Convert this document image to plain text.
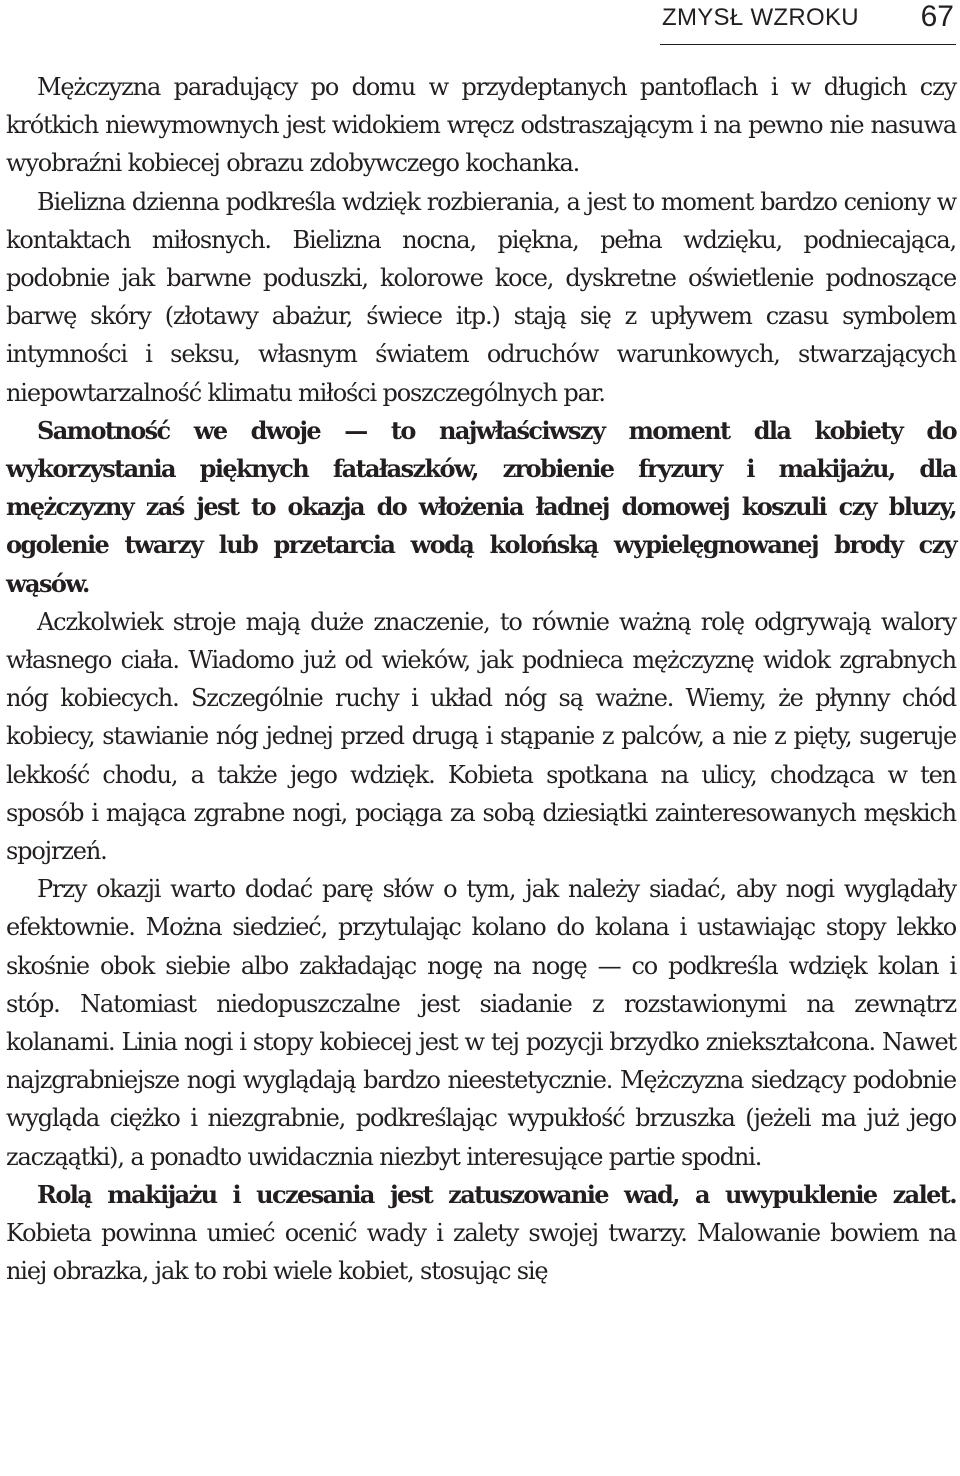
ZMYSŁ WZROKU 67

Mężczyzna paradujący po domu w przydeptanych pantoflach i w długich czy krótkich niewymownych jest widokiem wręcz odstraszającym i na pewno nie nasuwa wyobraźni kobiecej obrazu zdobywczego kochanka.

Bielizna dzienna podkreśla wdzięk rozbierania, a jest to moment bardzo ceniony w kontaktach miłosnych. Bielizna nocna, piękna, pełna wdzięku, podniecająca, podobnie jak barwne poduszki, kolorowe koce, dyskretne oświetlenie podnoszące barwę skóry (złotawy abażur, świece itp.) stają się z upływem czasu symbolem intymności i seksu, własnym światem odruchów warunkowych, stwarzających niepowtarzalność klimatu miłości poszczególnych par.

Samotność we dwoje — to najwłaściwszy moment dla kobiety do wykorzystania pięknych fatałaszków, zrobienie fryzury i makijażu, dla mężczyzny zaś jest to okazja do włożenia ładnej domowej koszuli czy bluzy, ogolenie twarzy lub przetarcia wodą kolońską wypielęgnowanej brody czy wąsów.

Aczkolwiek stroje mają duże znaczenie, to równie ważną rolę odgrywają walory własnego ciała. Wiadomo już od wieków, jak podnieca mężczyznę widok zgrabnych nóg kobiecych. Szczególnie ruchy i układ nóg są ważne. Wiemy, że płynny chód kobiecy, stawianie nóg jednej przed drugą i stąpanie z palców, a nie z pięty, sugeruje lekkość chodu, a także jego wdzięk. Kobieta spotkana na ulicy, chodząca w ten sposób i mająca zgrabne nogi, pociąga za sobą dziesiątki zainteresowanych męskich spojrzeń.

Przy okazji warto dodać parę słów o tym, jak należy siadać, aby nogi wyglądały efektownie. Można siedzieć, przytulając kolano do kolana i ustawiając stopy lekko skośnie obok siebie albo zakładając nogę na nogę — co podkreśla wdzięk kolan i stóp. Natomiast niedopuszczalne jest siadanie z rozstawionymi na zewnątrz kolanami. Linia nogi i stopy kobiecej jest w tej pozycji brzydko zniekształcona. Nawet najzgrabniejsze nogi wyglądają bardzo nieestetycznie. Mężczyzna siedzący podobnie wygląda ciężko i niezgrabnie, podkreślając wypukłość brzuszka (jeżeli ma już jego zacząątki), a ponadto uwidacznia niezbyt interesujące partie spodni.

Rolą makijażu i uczesania jest zatuszowanie wad, a uwypuklenie zalet. Kobieta powinna umieć ocenić wady i zalety swojej twarzy. Malowanie bowiem na niej obrazka, jak to robi wiele kobiet, stosując się
